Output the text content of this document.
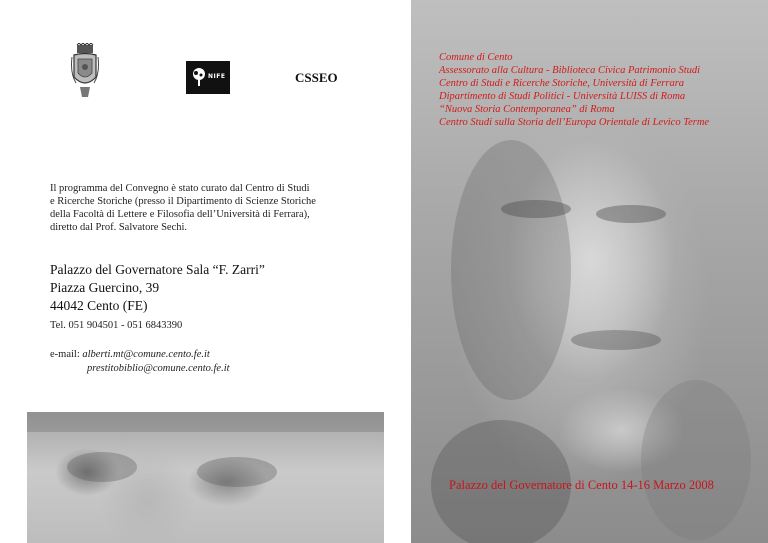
NIFE	CSSEO
Il programma del Convegno è stato curato dal Centro di Studi
e Ricerche Storiche (presso il Dipartimento di Scienze Storiche
della Facoltà di Lettere e Filosofia dell’Università di Ferrara),
diretto dal Prof. Salvatore Sechi.
Palazzo del Governatore Sala “F. Zarri”
Piazza Guercino, 39
44042 Cento (FE)
Tel. 051 904501 - 051 6843390
e-mail: alberti.mt@comune.cento.fe.it
prestitobiblio@comune.cento.fe.it
Comune di Cento
Assessorato alla Cultura - Biblioteca Civica Patrimonio Studi
Centro di Studi e Ricerche Storiche, Università di Ferrara
Dipartimento di Studi Politici - Università LUISS di Roma
“Nuova Storia Contemporanea” di Roma
Centro Studi sulla Storia dell’Europa Orientale di Levico Terme
Palazzo del Governatore di Cento 14-16 Marzo 2008
